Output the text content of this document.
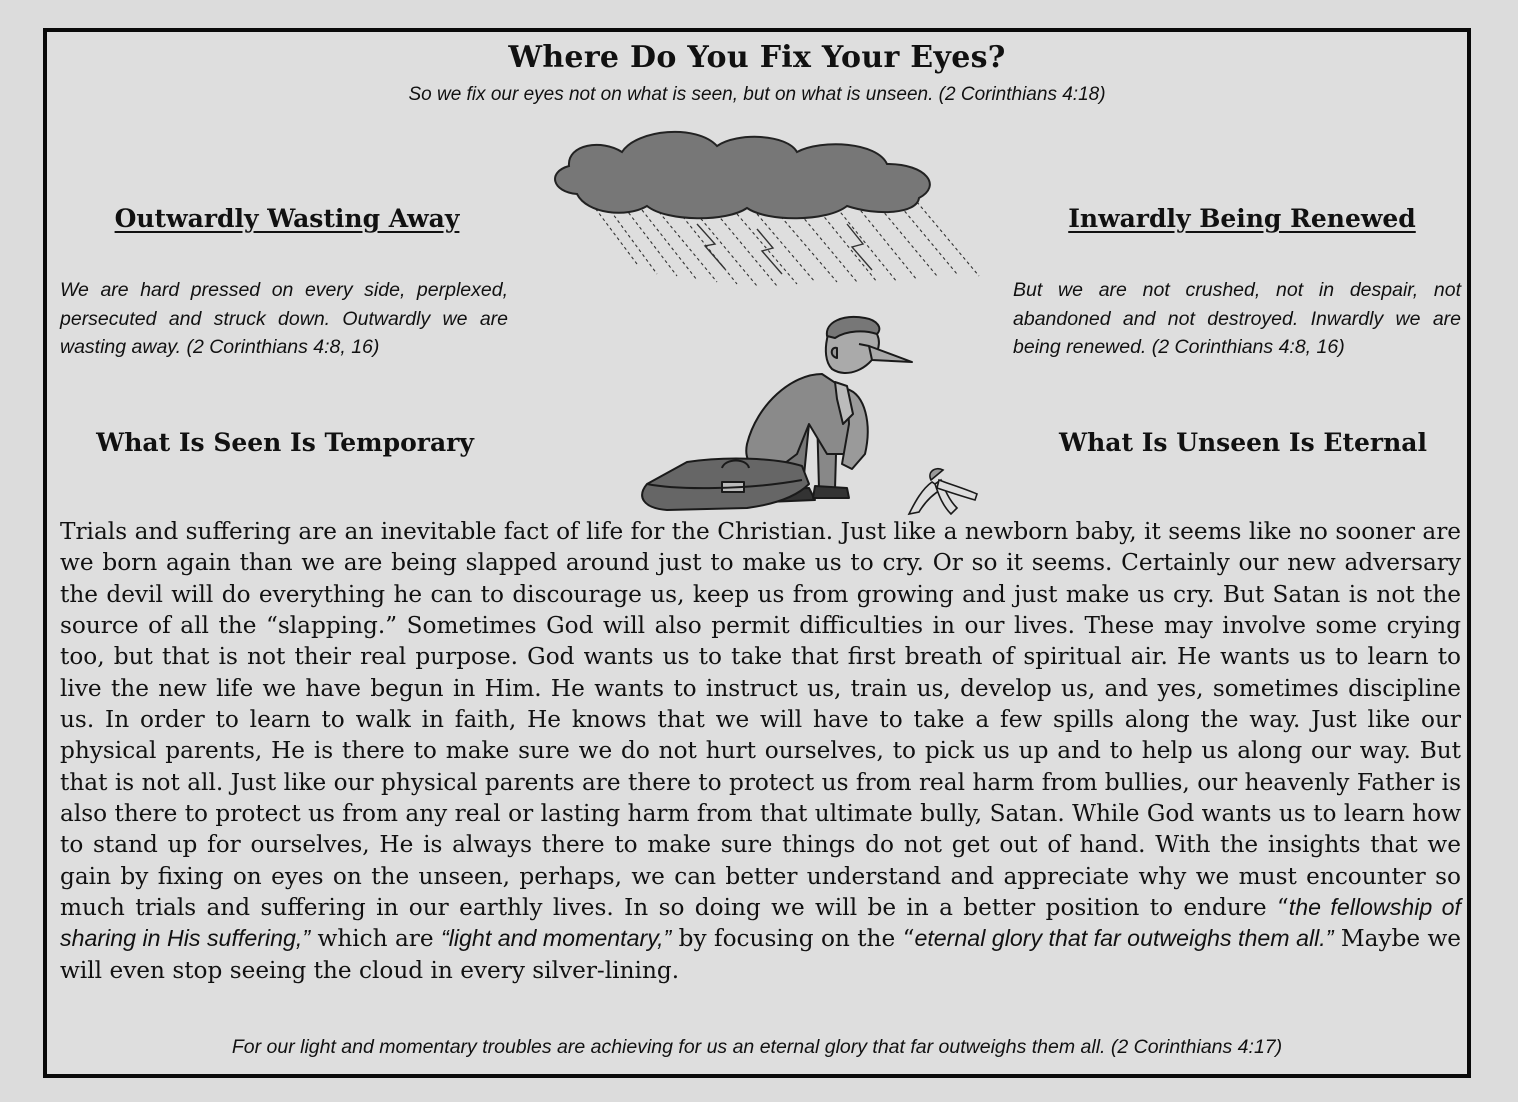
Where Do You Fix Your Eyes?
So we fix our eyes not on what is seen, but on what is unseen. (2 Corinthians 4:18)
Outwardly Wasting Away	Inwardly Being Renewed
We are hard pressed on every side, perplexed, persecuted and struck down. Outwardly we are wasting away. (2 Corinthians 4:8, 16)
But we are not crushed, not in despair, not abandoned and not destroyed. Inwardly we are being renewed. (2 Corinthians 4:8, 16)
What Is Seen Is Temporary	What Is Unseen Is Eternal
Trials and suffering are an inevitable fact of life for the Christian. Just like a newborn baby, it seems like no sooner are we born again than we are being slapped around just to make us to cry. Or so it seems. Certainly our new adversary the devil will do everything he can to discourage us, keep us from growing and just make us cry. But Satan is not the source of all the “slapping.” Sometimes God will also permit difficulties in our lives. These may involve some crying too, but that is not their real purpose. God wants us to take that first breath of spiritual air. He wants us to learn to live the new life we have begun in Him. He wants to instruct us, train us, develop us, and yes, sometimes discipline us. In order to learn to walk in faith, He knows that we will have to take a few spills along the way. Just like our physical parents, He is there to make sure we do not hurt ourselves, to pick us up and to help us along our way. But that is not all. Just like our physical parents are there to protect us from real harm from bullies, our heavenly Father is also there to protect us from any real or lasting harm from that ultimate bully, Satan. While God wants us to learn how to stand up for ourselves, He is always there to make sure things do not get out of hand. With the insights that we gain by fixing on eyes on the unseen, perhaps, we can better understand and appreciate why we must encounter so much trials and suffering in our earthly lives. In so doing we will be in a better position to endure “the fellowship of sharing in His suffering,” which are “light and momentary,” by focusing on the “eternal glory that far outweighs them all.” Maybe we will even stop seeing the cloud in every silver-lining.
For our light and momentary troubles are achieving for us an eternal glory that far outweighs them all. (2 Corinthians 4:17)
